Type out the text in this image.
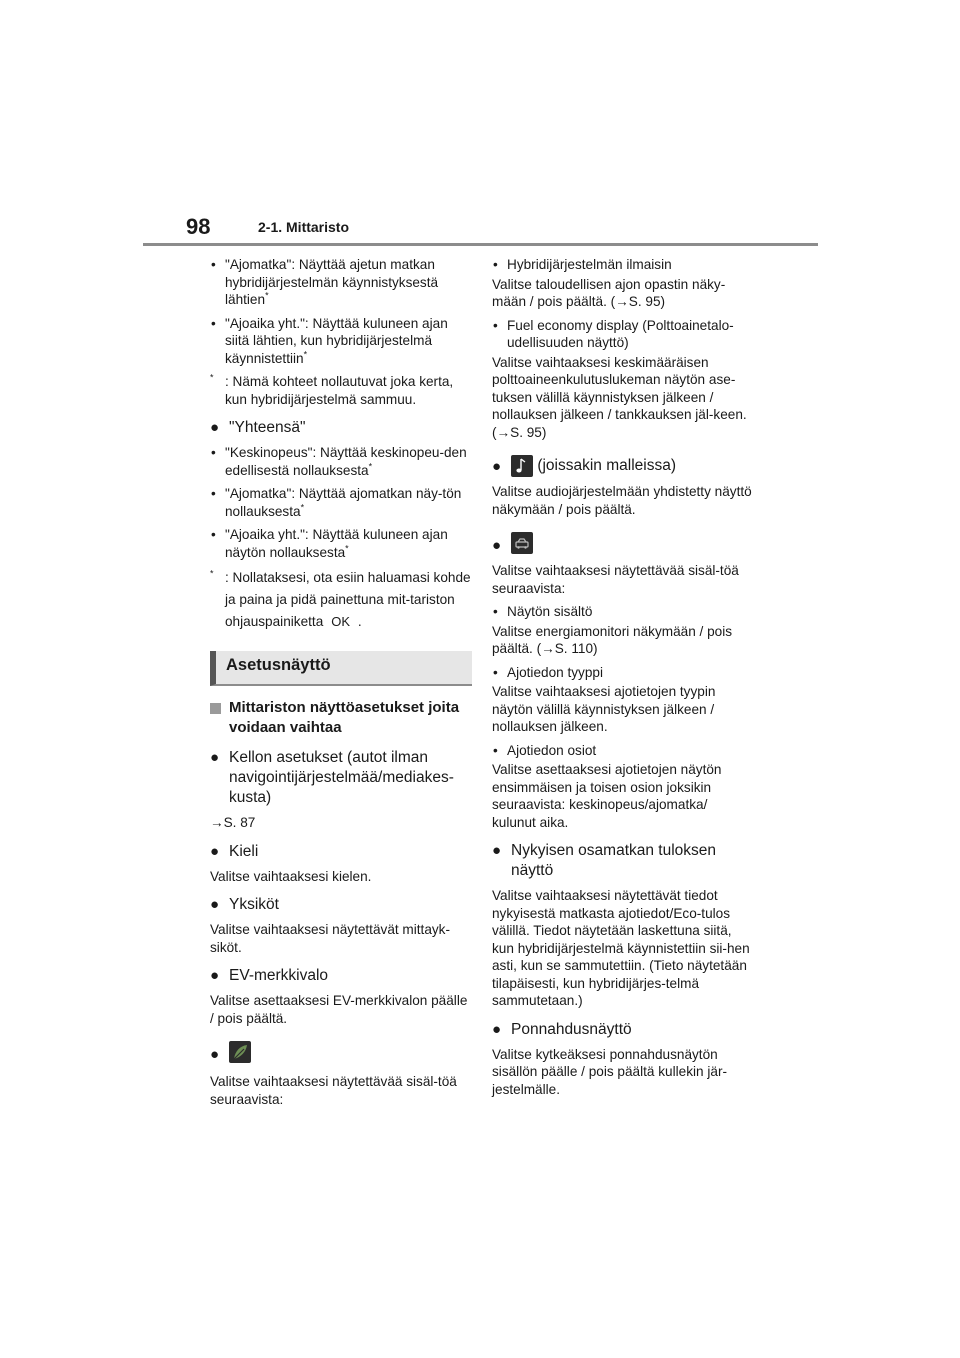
98	2-1. Mittaristo
• "Ajomatka": Näyttää ajetun matkan hybridijärjestelmän käynnistyksestä lähtien*
• "Ajoaika yht.": Näyttää kuluneen ajan siitä lähtien, kun hybridijärjestelmä käynnistettiin*
* : Nämä kohteet nollautuvat joka kerta, kun hybridijärjestelmä sammuu.
● "Yhteensä"
• "Keskinopeus": Näyttää keskinopeu-den edellisestä nollauksesta*
• "Ajomatka": Näyttää ajomatkan näy-tön nollauksesta*
• "Ajoaika yht.": Näyttää kuluneen ajan näytön nollauksesta*
* : Nollataksesi, ota esiin haluamasi kohde ja paina ja pidä painettuna mit-tariston ohjauspainiketta OK .
Asetusnäyttö
Mittariston näyttöasetukset joita voidaan vaihtaa
● Kellon asetukset (autot ilman navigointijärjestelmää/mediakes-kusta)
→S. 87
● Kieli
Valitse vaihtaaksesi kielen.
● Yksiköt
Valitse vaihtaaksesi näytettävät mittayk-siköt.
● EV-merkkivalo
Valitse asettaaksesi EV-merkkivalon päälle / pois päältä.
●
Valitse vaihtaaksesi näytettävää sisäl-töä seuraavista:
• Hybridijärjestelmän ilmaisin
Valitse taloudellisen ajon opastin näky-mään / pois päältä. (→S. 95)
• Fuel economy display (Polttoainetalo-udellisuuden näyttö)
Valitse vaihtaaksesi keskimääräisen polttoaineenkulutuslukeman näytön ase-tuksen välillä käynnistyksen jälkeen / nollauksen jälkeen / tankkauksen jäl-keen. (→S. 95)
● (joissakin malleissa)
Valitse audiojärjestelmään yhdistetty näyttö näkymään / pois päältä.
●
Valitse vaihtaaksesi näytettävää sisäl-töä seuraavista:
• Näytön sisältö
Valitse energiamonitori näkymään / pois päältä. (→S. 110)
• Ajotiedon tyyppi
Valitse vaihtaaksesi ajotietojen tyypin näytön välillä käynnistyksen jälkeen / nollauksen jälkeen.
• Ajotiedon osiot
Valitse asettaaksesi ajotietojen näytön ensimmäisen ja toisen osion joksikin seuraavista: keskinopeus/ajomatka/ kulunut aika.
● Nykyisen osamatkan tuloksen näyttö
Valitse vaihtaaksesi näytettävät tiedot nykyisestä matkasta ajotiedot/Eco-tulos välillä. Tiedot näytetään laskettuna siitä, kun hybridijärjestelmä käynnistettiin sii-hen asti, kun se sammutettiin. (Tieto näytetään tilapäisesti, kun hybridijärjes-telmä sammutetaan.)
● Ponnahdusnäyttö
Valitse kytkeäksesi ponnahdusnäytön sisällön päälle / pois päältä kullekin jär-jestelmälle.
